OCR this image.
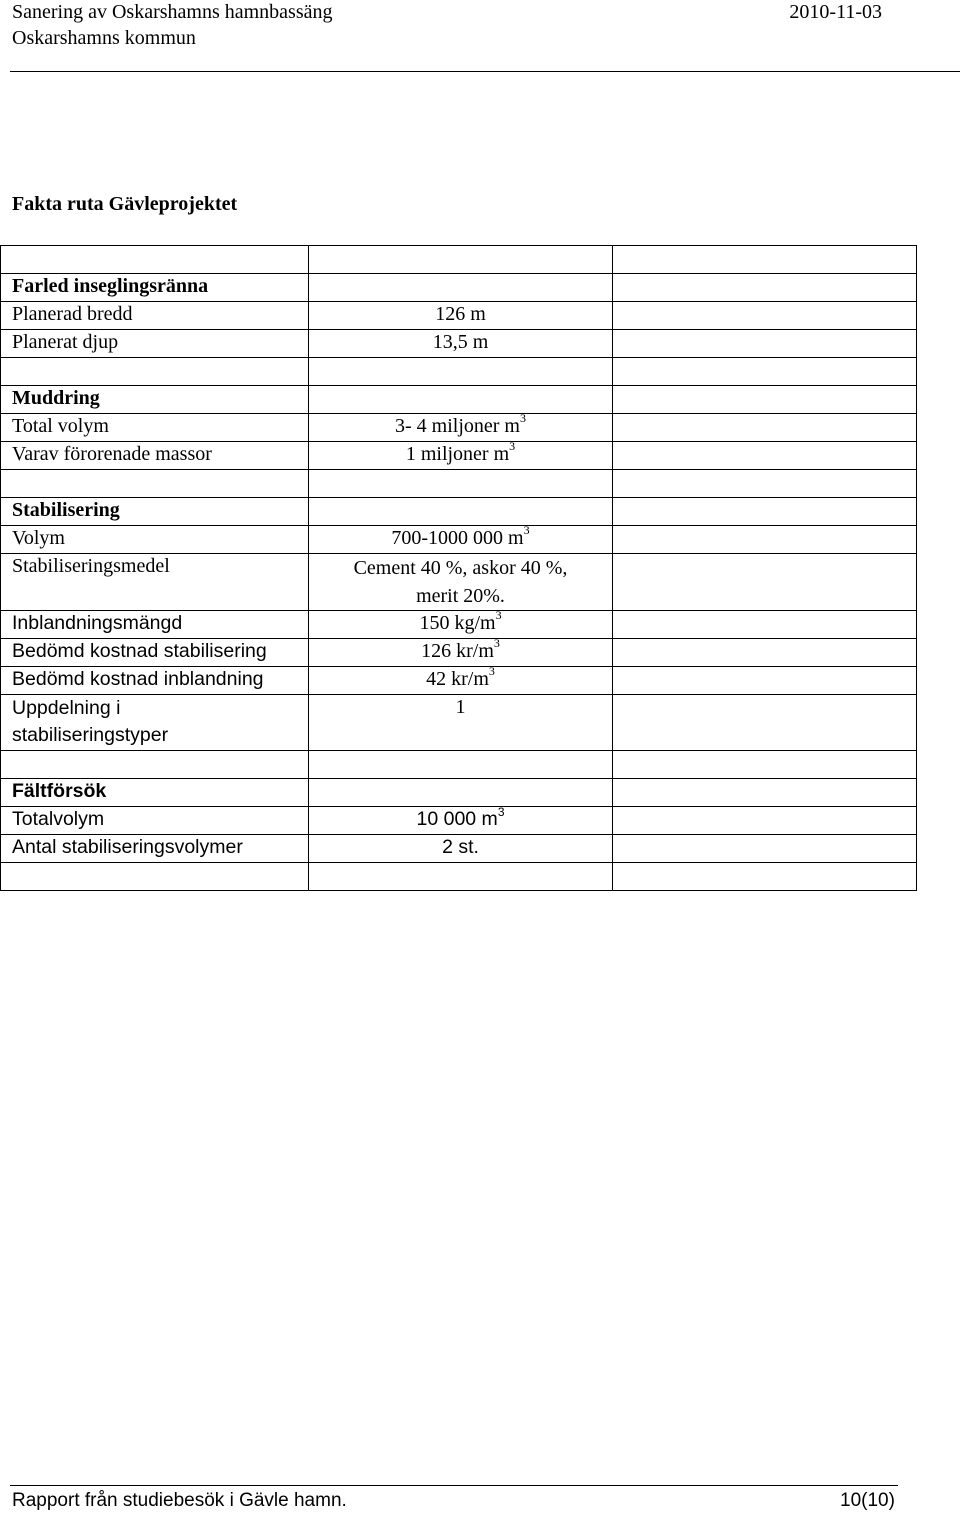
Sanering av Oskarshamns hamnbassäng	2010-11-03
Oskarshamns kommun
Fakta ruta Gävleprojektet

Farled inseglingsränna		
Planerad bredd	126 m	
Planerat djup	13,5 m	

Muddring		
Total volym	3- 4 miljoner $m^3$	
Varav förorenade massor	1 miljoner $m^3$	

Stabilisering		
Volym	700-1000 000 $m^3$	
Stabiliseringsmedel	Cement 40 %, askor 40 %,
merit 20%.	
Inblandningsmängd	150 $kg/m^3$	
Bedömd kostnad stabilisering	126 $kr/m^3$	
Bedömd kostnad inblandning	42 $kr/m^3$	
Uppdelning i
stabiliseringstyper	1	

Fältförsök		
Totalvolym	10 000 $m^3$	
Antal stabiliseringsvolymer	2 st.	

Rapport från studiebesök i Gävle hamn.	10(10)
